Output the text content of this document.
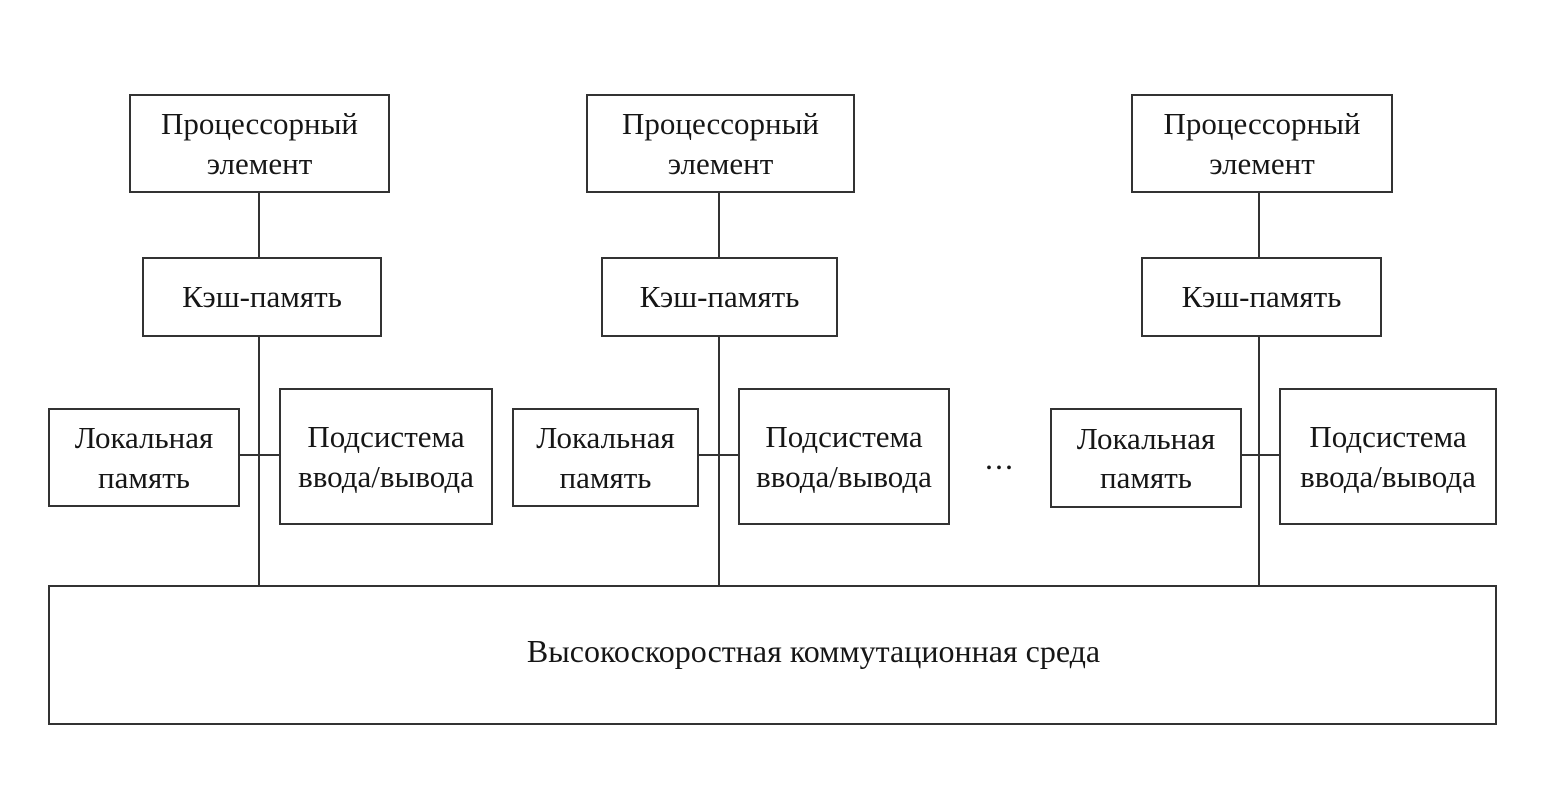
Процессорный элемент
Кэш-память
Локальная память
Подсистема ввода/вывода
Процессорный элемент
Кэш-память
Локальная память
Подсистема ввода/вывода	...
Процессорный элемент
Кэш-память
Локальная память
Подсистема ввода/вывода
Высокоскоростная коммутационная среда
